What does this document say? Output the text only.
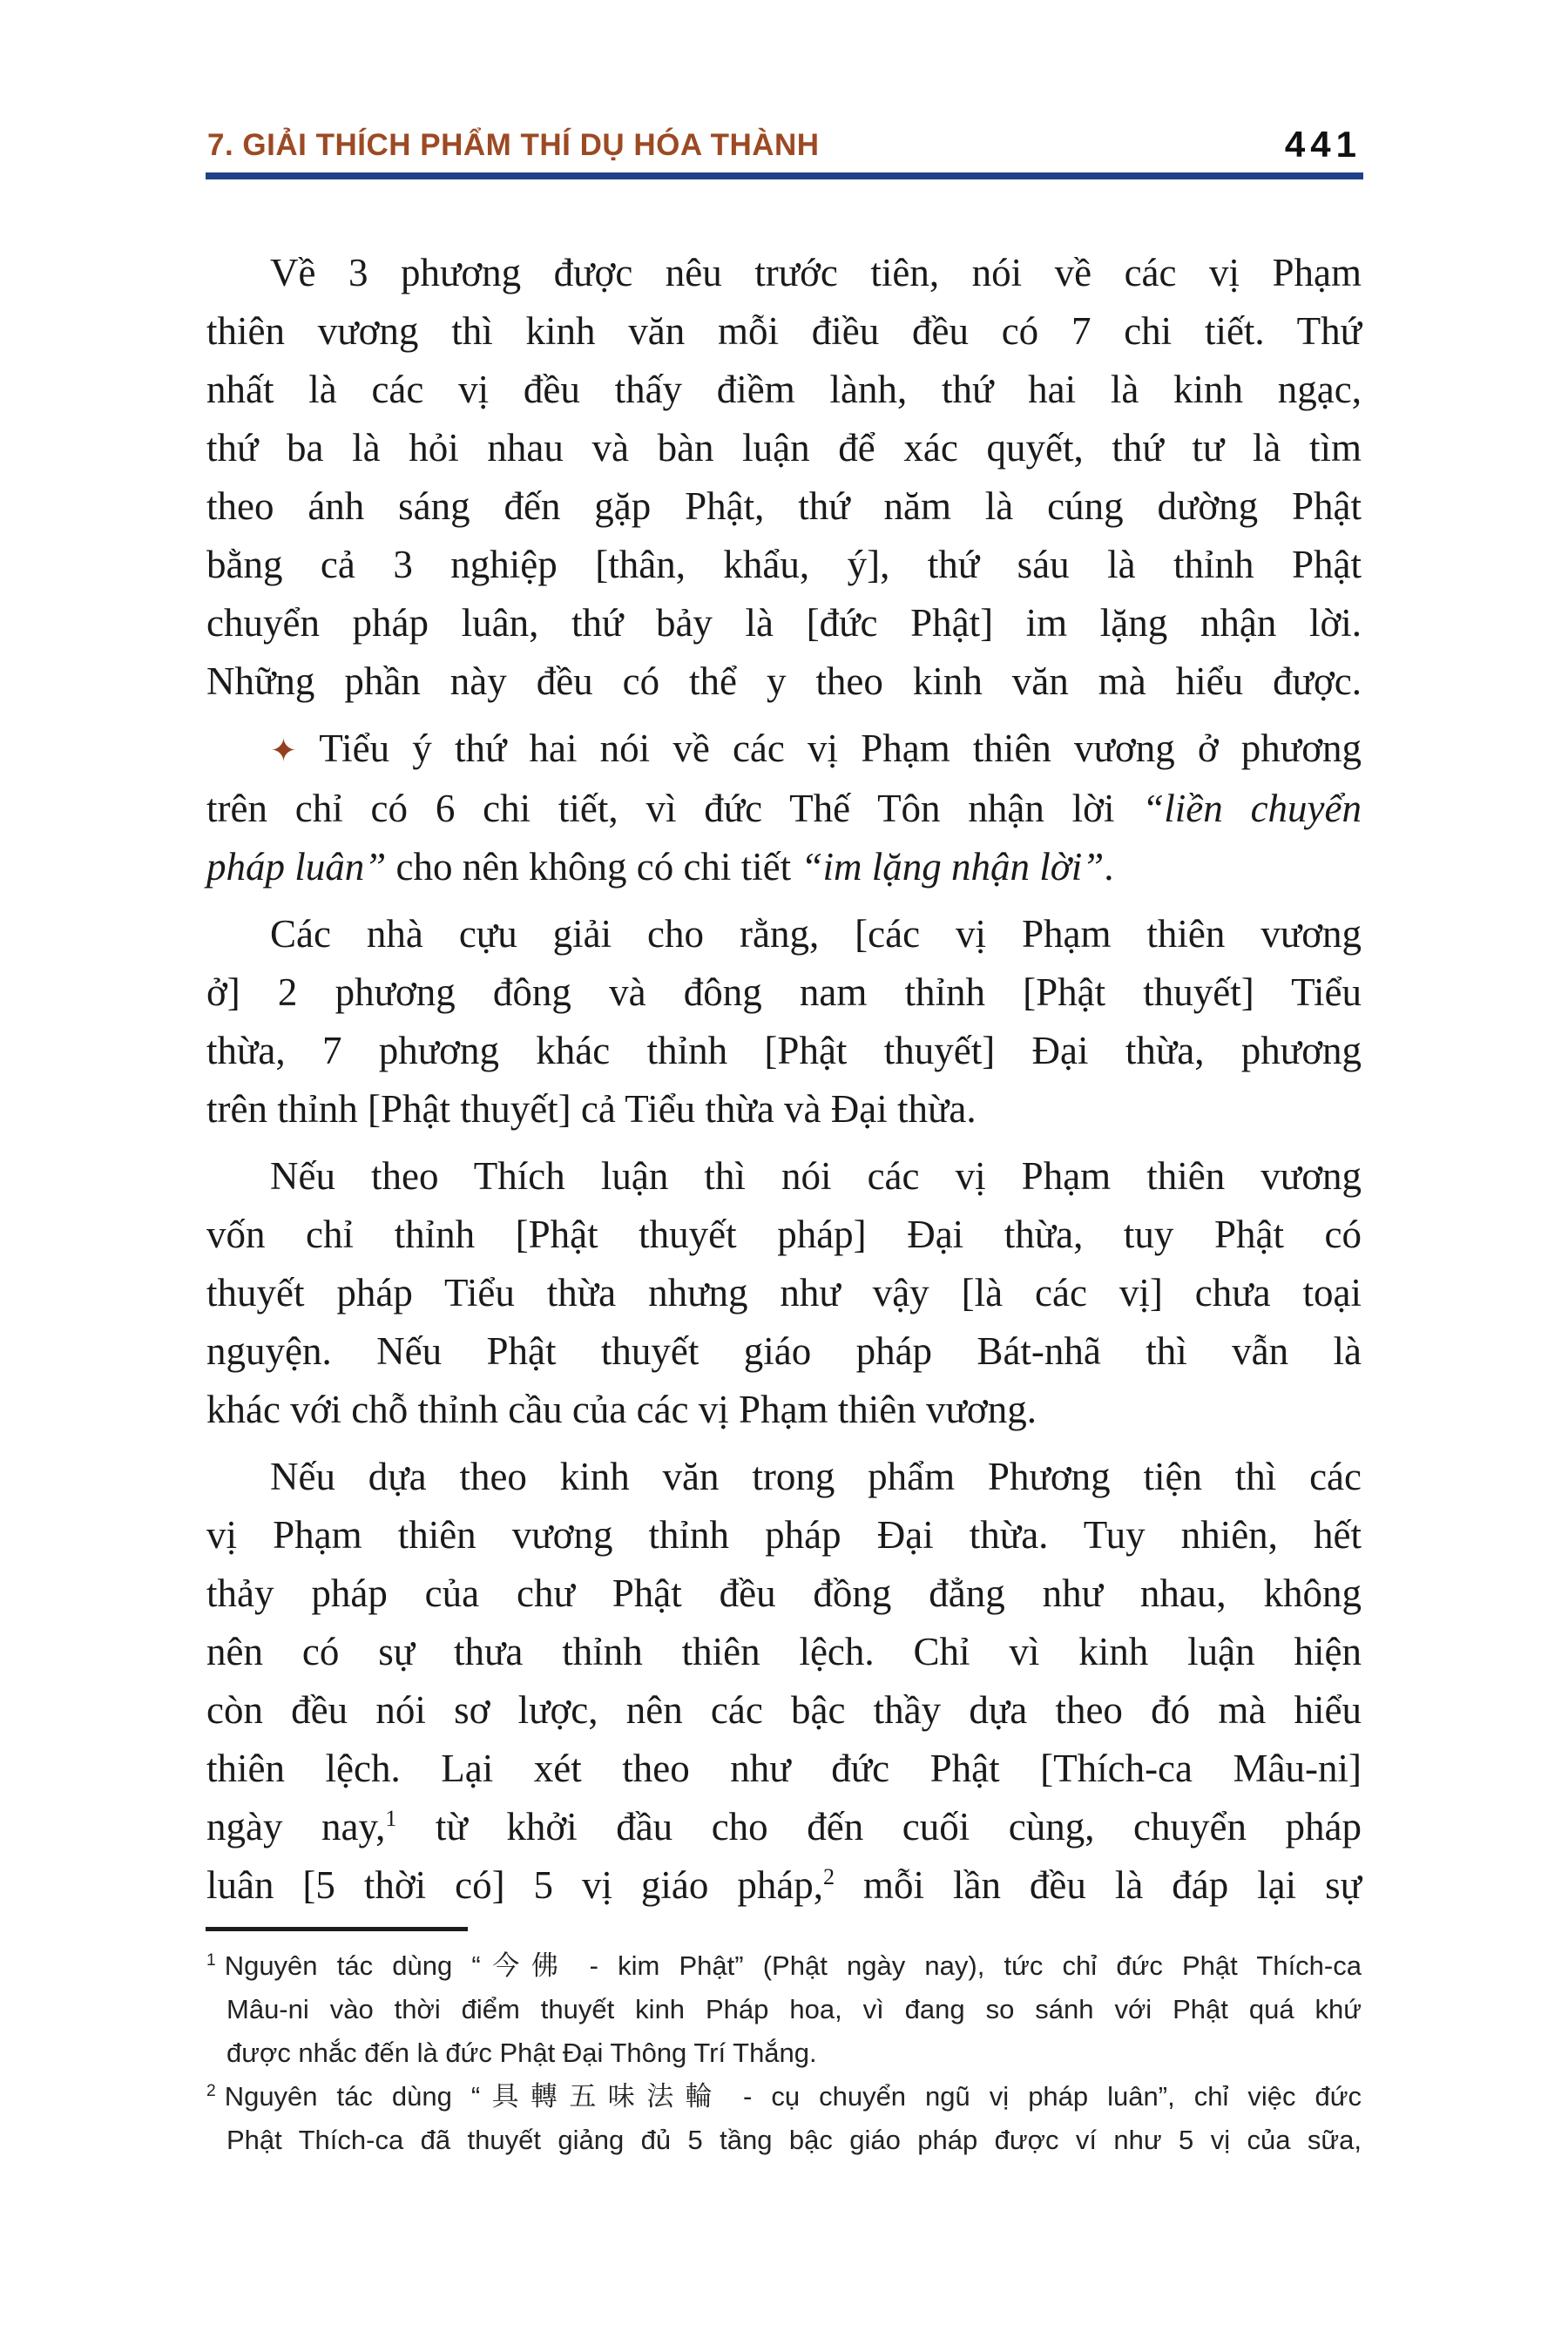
7. GIẢI THÍCH PHẨM THÍ DỤ HÓA THÀNH	441

Về 3 phương được nêu trước tiên, nói về các vị Phạm
thiên vương thì kinh văn mỗi điều đều có 7 chi tiết. Thứ
nhất là các vị đều thấy điềm lành, thứ hai là kinh ngạc,
thứ ba là hỏi nhau và bàn luận để xác quyết, thứ tư là tìm
theo ánh sáng đến gặp Phật, thứ năm là cúng dường Phật
bằng cả 3 nghiệp [thân, khẩu, ý], thứ sáu là thỉnh Phật
chuyển pháp luân, thứ bảy là [đức Phật] im lặng nhận lời.
Những phần này đều có thể y theo kinh văn mà hiểu được.

✦ Tiểu ý thứ hai nói về các vị Phạm thiên vương ở phương
trên chỉ có 6 chi tiết, vì đức Thế Tôn nhận lời “liền chuyển
pháp luân” cho nên không có chi tiết “im lặng nhận lời”.

Các nhà cựu giải cho rằng, [các vị Phạm thiên vương
ở] 2 phương đông và đông nam thỉnh [Phật thuyết] Tiểu
thừa, 7 phương khác thỉnh [Phật thuyết] Đại thừa, phương
trên thỉnh [Phật thuyết] cả Tiểu thừa và Đại thừa.

Nếu theo Thích luận thì nói các vị Phạm thiên vương
vốn chỉ thỉnh [Phật thuyết pháp] Đại thừa, tuy Phật có
thuyết pháp Tiểu thừa nhưng như vậy [là các vị] chưa toại
nguyện. Nếu Phật thuyết giáo pháp Bát-nhã thì vẫn là
khác với chỗ thỉnh cầu của các vị Phạm thiên vương.

Nếu dựa theo kinh văn trong phẩm Phương tiện thì các
vị Phạm thiên vương thỉnh pháp Đại thừa. Tuy nhiên, hết
thảy pháp của chư Phật đều đồng đẳng như nhau, không
nên có sự thưa thỉnh thiên lệch. Chỉ vì kinh luận hiện
còn đều nói sơ lược, nên các bậc thầy dựa theo đó mà hiểu
thiên lệch. Lại xét theo như đức Phật [Thích-ca Mâu-ni]
ngày nay,$^1$ từ khởi đầu cho đến cuối cùng, chuyển pháp
luân [5 thời có] 5 vị giáo pháp,$^2$ mỗi lần đều là đáp lại sự

$^1$ Nguyên tác dùng “今佛 - kim Phật” (Phật ngày nay), tức chỉ đức Phật Thích-ca
Mâu-ni vào thời điểm thuyết kinh Pháp hoa, vì đang so sánh với Phật quá khứ
được nhắc đến là đức Phật Đại Thông Trí Thắng.
$^2$ Nguyên tác dùng “具轉五味法輪 - cụ chuyển ngũ vị pháp luân”, chỉ việc đức
Phật Thích-ca đã thuyết giảng đủ 5 tầng bậc giáo pháp được ví như 5 vị của sữa,
